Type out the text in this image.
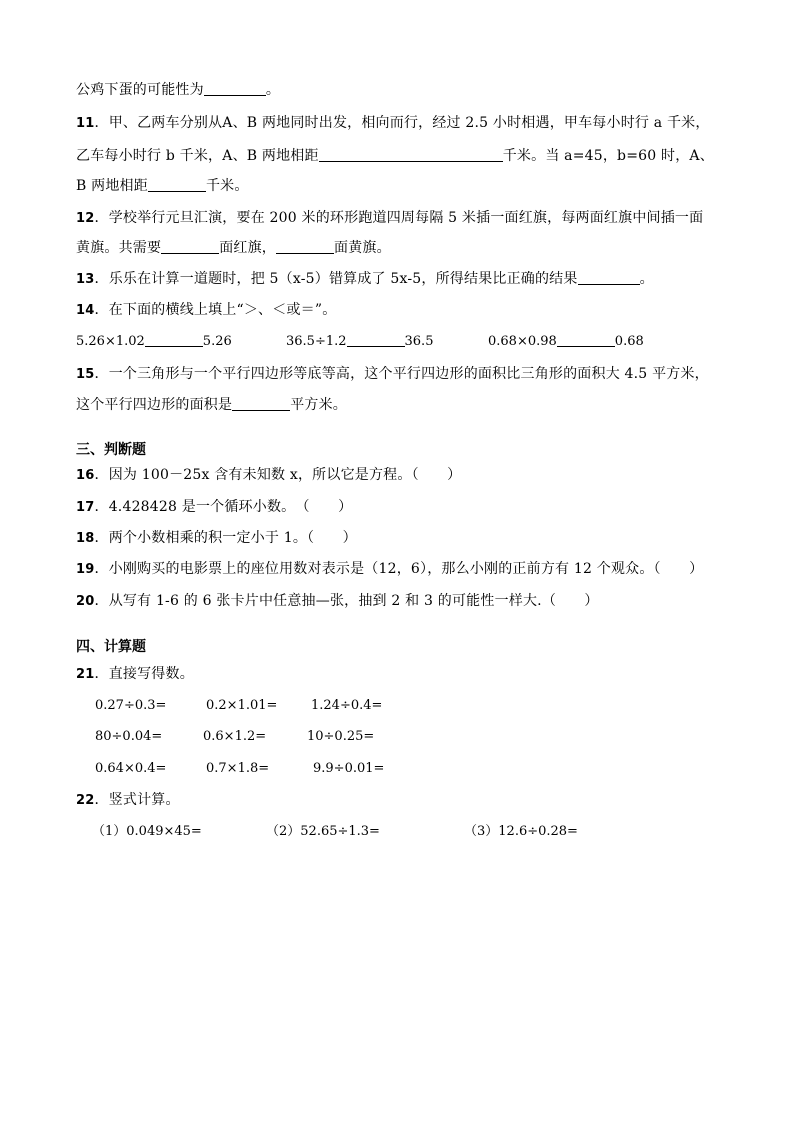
公鸡下蛋的可能性为	。
11．甲、乙两车分别从A、B 两地同时出发，相向而行，经过 2.5 小时相遇，甲车每小时行 a 千米，
乙车每小时行 b 千米，A、B 两地相距	千米。当 a=45，b=60 时，A、
B 两地相距	千米。
12．学校举行元旦汇演，要在 200 米的环形跑道四周每隔 5 米插一面红旗，每两面红旗中间插一面
黄旗。共需要	面红旗，	面黄旗。
13．乐乐在计算一道题时，把 5（x-5）错算成了 5x-5，所得结果比正确的结果	。
14．在下面的横线上填上“＞、＜或＝”。
5.26×1.02	5.26	36.5÷1.2	36.5	0.68×0.98	0.68
15．一个三角形与一个平行四边形等底等高，这个平行四边形的面积比三角形的面积大 4.5 平方米，
这个平行四边形的面积是	平方米。
三、判断题
16．因为 100－25x 含有未知数 x，所以它是方程。（　　）
17．4.428428 是一个循环小数。　（　　）
18．两个小数相乘的积一定小于 1。（　　）
19．小刚购买的电影票上的座位用数对表示是（12，6），那么小刚的正前方有 12 个观众。（　　）
20．从写有 1-6 的 6 张卡片中任意抽—张，抽到 2 和 3 的可能性一样大.（　　）
四、计算题
21．直接写得数。
0.27÷0.3=	0.2×1.01=	1.24÷0.4=
80÷0.04=	0.6×1.2=	10÷0.25=
0.64×0.4=	0.7×1.8=	9.9÷0.01=
22．竖式计算。
（1）0.049×45=	（2）52.65÷1.3=	（3）12.6÷0.28=
